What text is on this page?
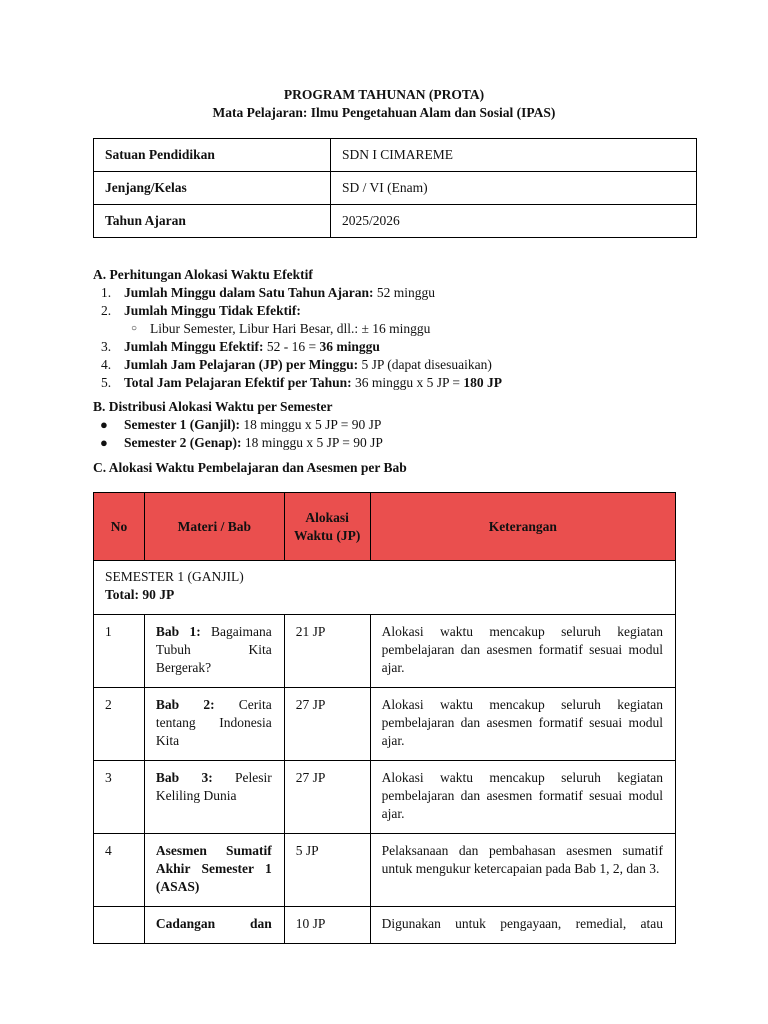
PROGRAM TAHUNAN (PROTA)
Mata Pelajaran: Ilmu Pengetahuan Alam dan Sosial (IPAS)
Satuan Pendidikan	SDN I CIMAREME
Jenjang/Kelas	SD / VI (Enam)
Tahun Ajaran	2025/2026
A. Perhitungan Alokasi Waktu Efektif
1. Jumlah Minggu dalam Satu Tahun Ajaran: 52 minggu
2. Jumlah Minggu Tidak Efektif:
○ Libur Semester, Libur Hari Besar, dll.: ± 16 minggu
3. Jumlah Minggu Efektif: 52 - 16 = 36 minggu
4. Jumlah Jam Pelajaran (JP) per Minggu: 5 JP (dapat disesuaikan)
5. Total Jam Pelajaran Efektif per Tahun: 36 minggu x 5 JP = 180 JP
B. Distribusi Alokasi Waktu per Semester
● Semester 1 (Ganjil): 18 minggu x 5 JP = 90 JP
● Semester 2 (Genap): 18 minggu x 5 JP = 90 JP
C. Alokasi Waktu Pembelajaran dan Asesmen per Bab
No	Materi / Bab	Alokasi Waktu (JP)	Keterangan

SEMESTER 1 (GANJIL)
Total: 90 JP			

1	Bab 1: Bagaimana Tubuh Kita Bergerak?	21 JP	Alokasi waktu mencakup seluruh kegiatan pembelajaran dan asesmen formatif sesuai modul ajar.
2	Bab 2: Cerita tentang Indonesia Kita	27 JP	Alokasi waktu mencakup seluruh kegiatan pembelajaran dan asesmen formatif sesuai modul ajar.
3	Bab 3: Pelesir Keliling Dunia	27 JP	Alokasi waktu mencakup seluruh kegiatan pembelajaran dan asesmen formatif sesuai modul ajar.
4	Asesmen Sumatif Akhir Semester 1 (ASAS)	5 JP	Pelaksanaan dan pembahasan asesmen sumatif untuk mengukur ketercapaian pada Bab 1, 2, dan 3.
	Cadangan dan	10 JP	Digunakan untuk pengayaan, remedial, atau
